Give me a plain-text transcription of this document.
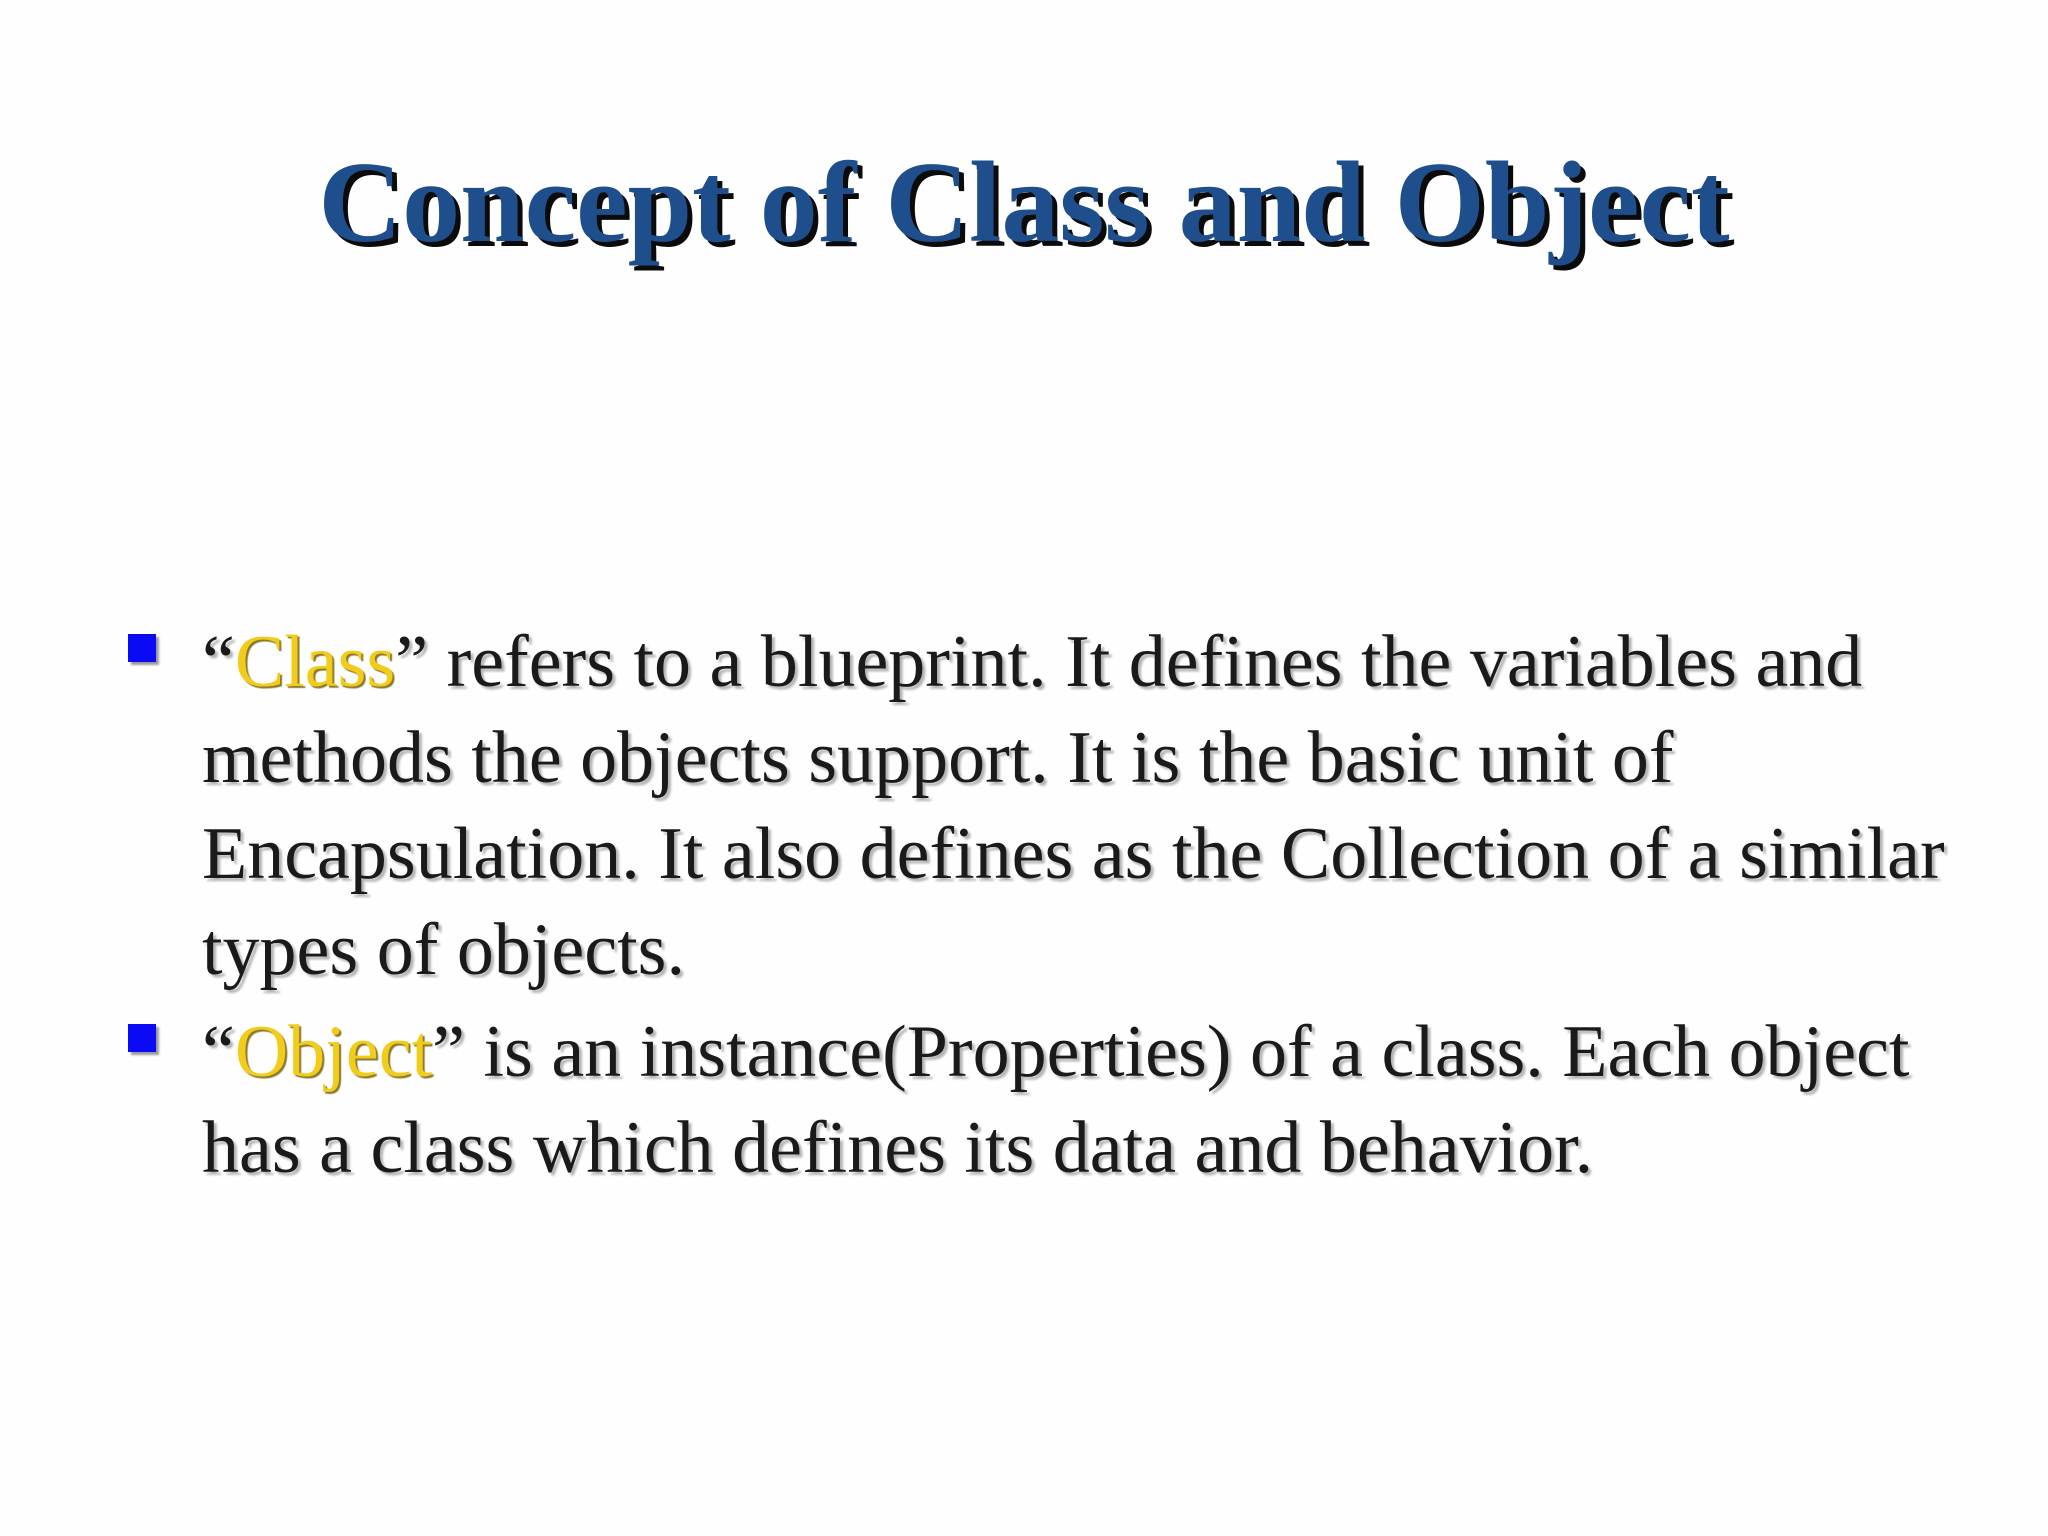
Concept of Class and Object
“Class” refers to a blueprint. It defines the variables and methods the objects support. It is the basic unit of Encapsulation. It also defines as the Collection of a similar types of objects.
“Object” is an instance(Properties) of a class. Each object has a class which defines its data and behavior.
